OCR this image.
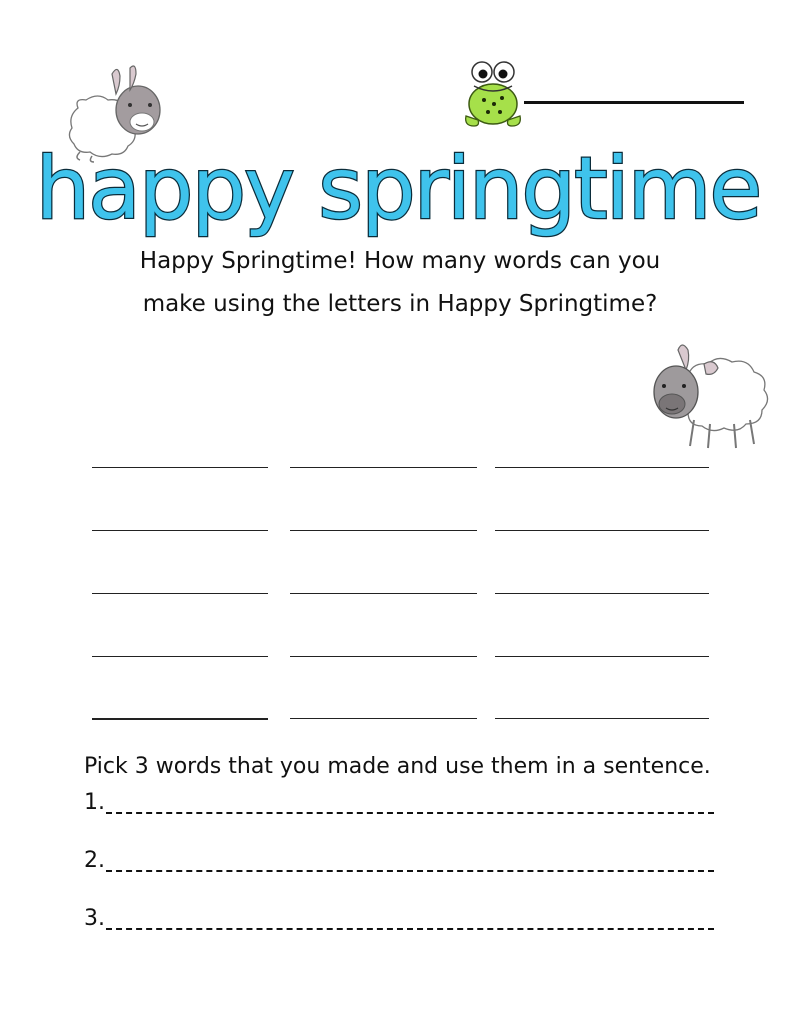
happy springtime
Happy Springtime! How many words can you
make using the letters in Happy Springtime?
Pick 3 words that you made and use them in a sentence.
1.
2.
3.
